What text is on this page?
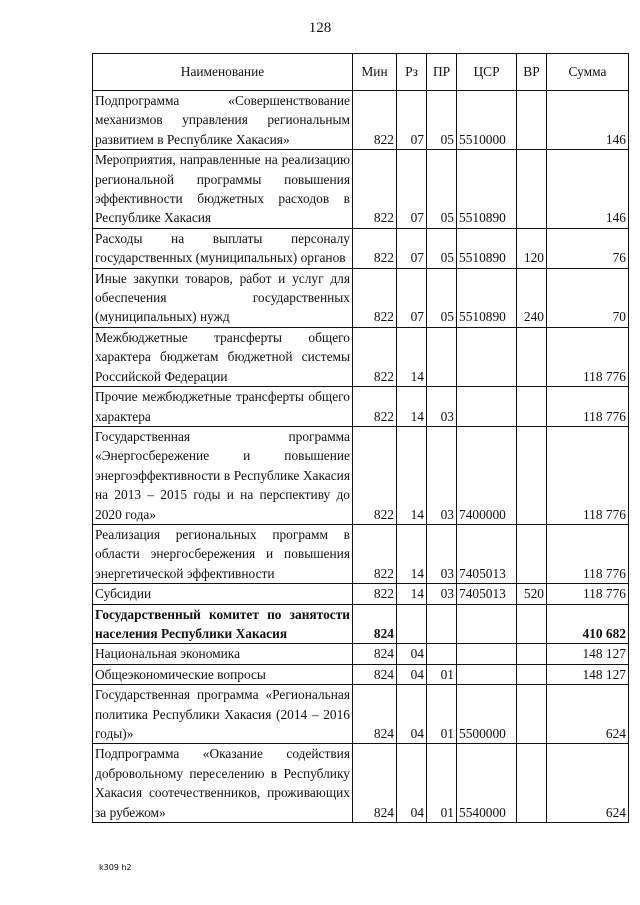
128
Наименование	Мин	Рз	ПР	ЦСР	ВР	Сумма
Подпрограмма «Совершенствование механизмов управления региональным развитием в Республике Хакасия»	822	07	05	5510000		146
Мероприятия, направленные на реализацию региональной программы повышения эффективности бюджетных расходов в Республике Хакасия	822	07	05	5510890		146
Расходы на выплаты персоналу государственных (муниципальных) органов	822	07	05	5510890	120	76
Иные закупки товаров, работ и услуг для обеспечения государственных (муниципальных) нужд	822	07	05	5510890	240	70
Межбюджетные трансферты общего характера бюджетам бюджетной системы Российской Федерации	822	14				118 776
Прочие межбюджетные трансферты общего характера	822	14	03			118 776
Государственная программа «Энергосбережение и повышение энергоэффективности в Республике Хакасия на 2013 – 2015 годы и на перспективу до 2020 года»	822	14	03	7400000		118 776
Реализация региональных программ в области энергосбережения и повышения энергетической эффективности	822	14	03	7405013		118 776
Субсидии	822	14	03	7405013	520	118 776
Государственный комитет по занятости населения Республики Хакасия	824					410 682
Национальная экономика	824	04				148 127
Общеэкономические вопросы	824	04	01			148 127
Государственная программа «Региональная политика Республики Хакасия (2014 – 2016 годы)»	824	04	01	5500000		624
Подпрограмма «Оказание содействия добровольному переселению в Республику Хакасия соотечественников, проживающих за рубежом»	824	04	01	5540000		624
k309 h2
